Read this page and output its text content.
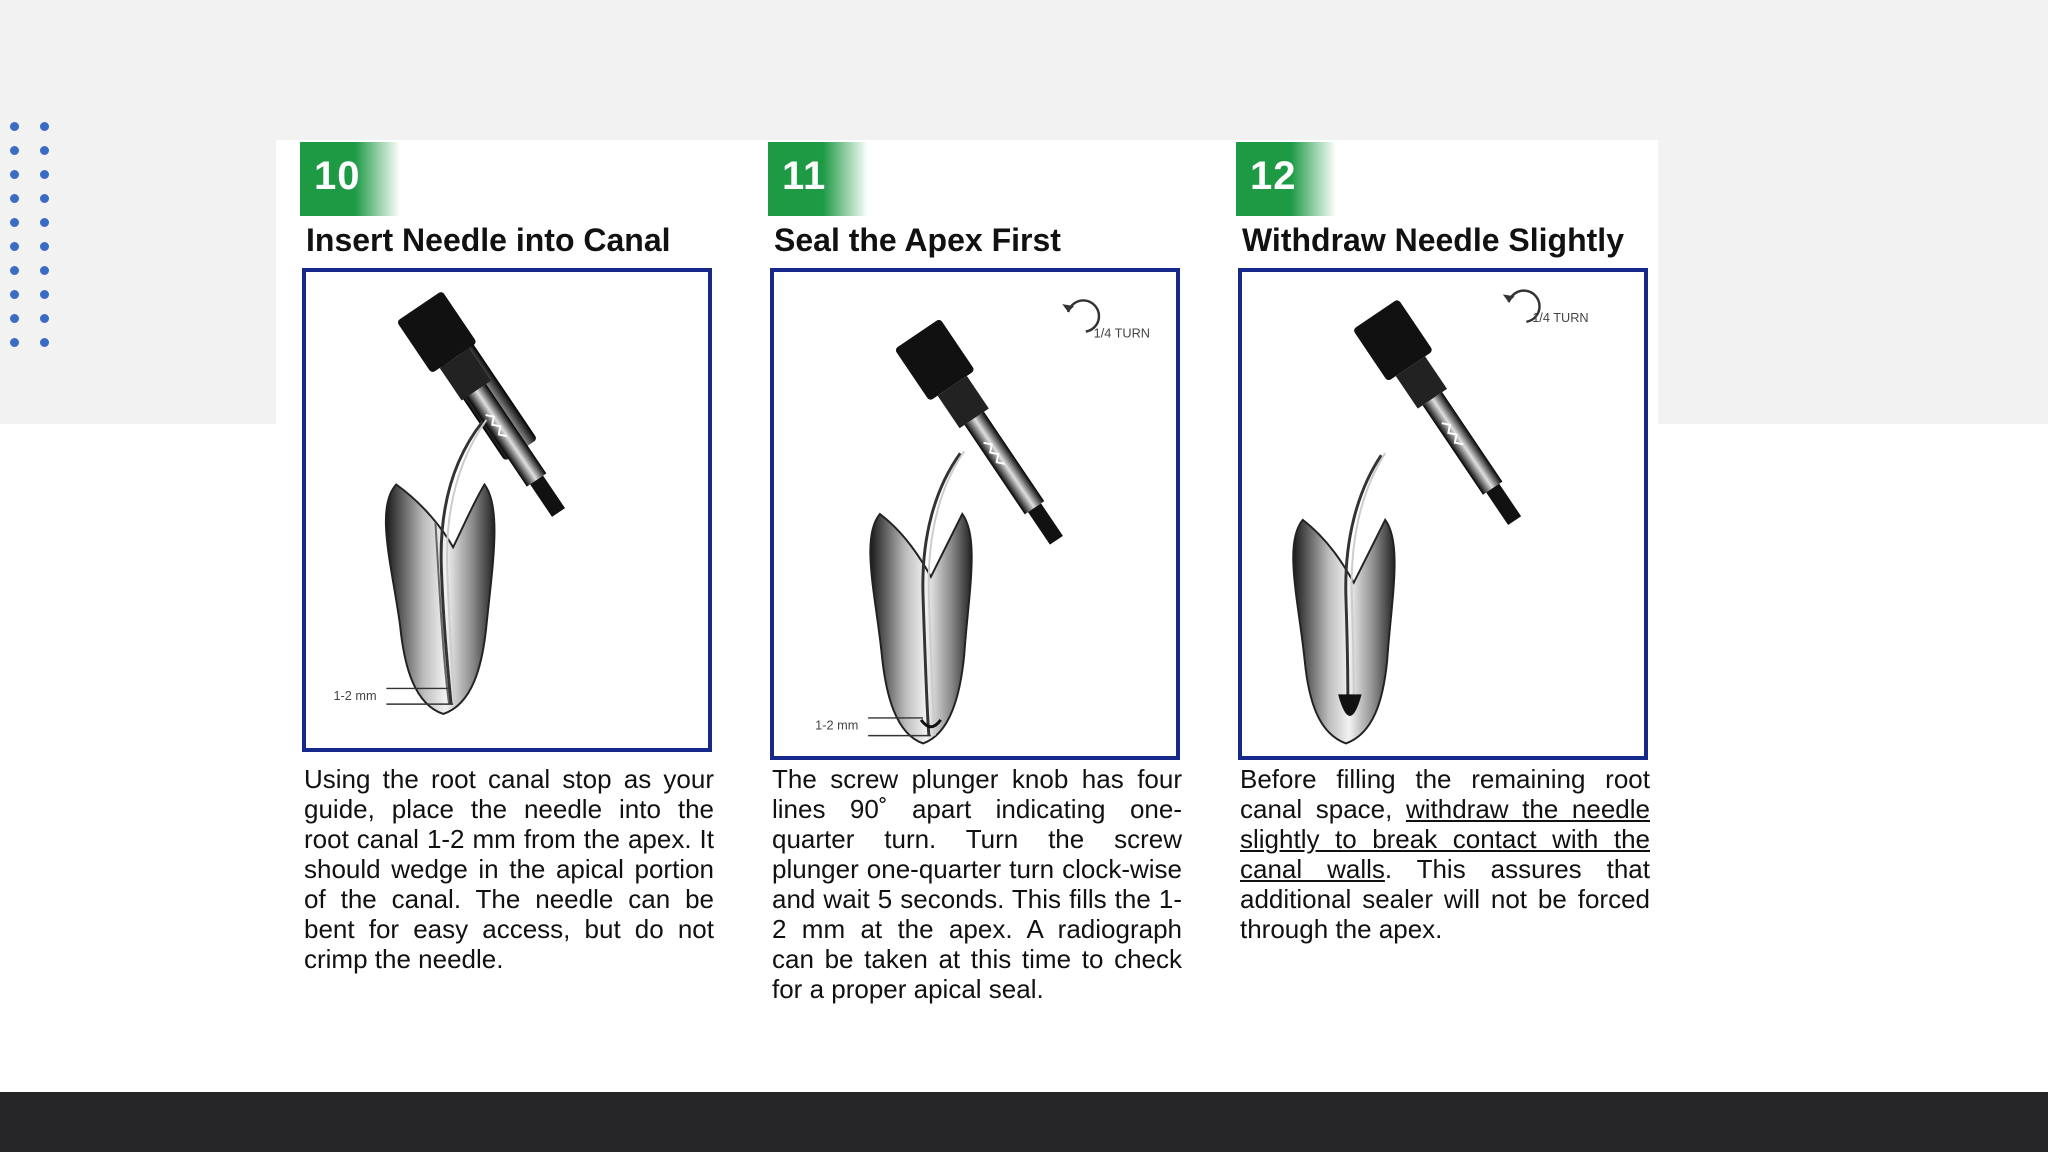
10
Insert Needle into Canal
1-2 mm
Using the root canal stop as your guide, place the needle into the root canal 1-2 mm from the apex. It should wedge in the apical portion of the canal. The needle can be bent for easy access, but do not crimp the needle.
11
Seal the Apex First
1/4 TURN
1-2 mm
The screw plunger knob has four lines 90˚ apart indicating one-quarter turn. Turn the screw plunger one-quarter turn clock-wise and wait 5 seconds. This fills the 1-2 mm at the apex. A radiograph can be taken at this time to check for a proper apical seal.
12
Withdraw Needle Slightly
1/4 TURN
Before filling the remaining root canal space, withdraw the needle slightly to break contact with the canal walls. This assures that additional sealer will not be forced through the apex.
